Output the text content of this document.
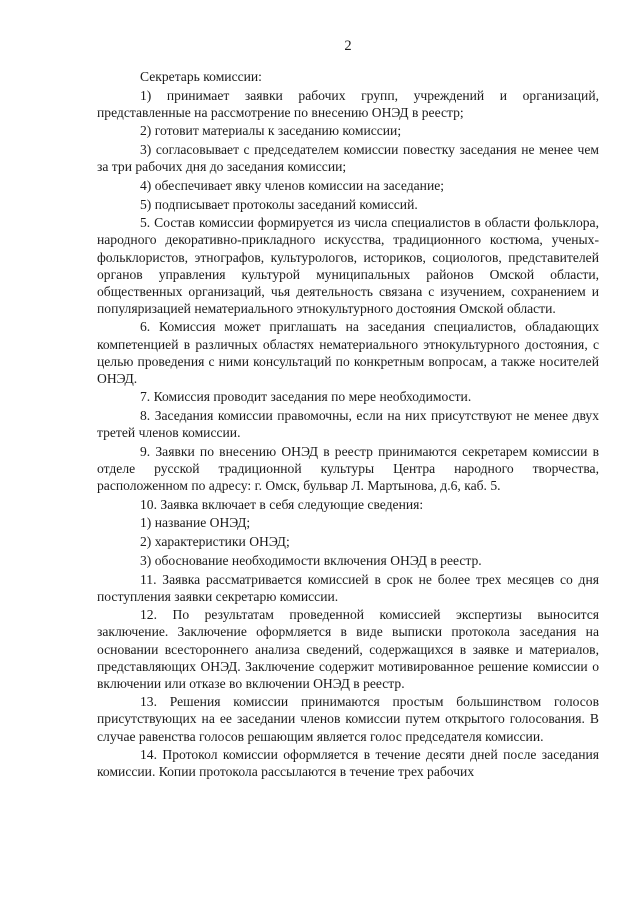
2

Секретарь комиссии:

1) принимает заявки рабочих групп, учреждений и организаций, представленные на рассмотрение по внесению ОНЭД в реестр;

2) готовит материалы к заседанию комиссии;

3) согласовывает с председателем комиссии повестку заседания не менее чем за три рабочих дня до заседания комиссии;

4) обеспечивает явку членов комиссии на заседание;

5) подписывает протоколы заседаний комиссий.

5. Состав комиссии формируется из числа специалистов в области фольклора, народного декоративно-прикладного искусства, традиционного костюма, ученых-фольклористов, этнографов, культурологов, историков, социологов, представителей органов управления культурой муниципальных районов Омской области, общественных организаций, чья деятельность связана с изучением, сохранением и популяризацией нематериального этнокультурного достояния Омской области.

6. Комиссия может приглашать на заседания специалистов, обладающих компетенцией в различных областях нематериального этнокультурного достояния, с целью проведения с ними консультаций по конкретным вопросам, а также носителей ОНЭД.

7. Комиссия проводит заседания по мере необходимости.

8. Заседания комиссии правомочны, если на них присутствуют не менее двух третей членов комиссии.

9. Заявки по внесению ОНЭД в реестр принимаются секретарем комиссии в отделе русской традиционной культуры Центра народного творчества, расположенном по адресу: г. Омск, бульвар Л. Мартынова, д.6, каб. 5.

10. Заявка включает в себя следующие сведения:

1) название ОНЭД;

2) характеристики ОНЭД;

3) обоснование необходимости включения ОНЭД в реестр.

11. Заявка рассматривается комиссией в срок не более трех месяцев со дня поступления заявки секретарю комиссии.

12. По результатам проведенной комиссией экспертизы выносится заключение. Заключение оформляется в виде выписки протокола заседания на основании всестороннего анализа сведений, содержащихся в заявке и материалов, представляющих ОНЭД. Заключение содержит мотивированное решение комиссии о включении или отказе во включении ОНЭД в реестр.

13. Решения комиссии принимаются простым большинством голосов присутствующих на ее заседании членов комиссии путем открытого голосования. В случае равенства голосов решающим является голос председателя комиссии.

14. Протокол комиссии оформляется в течение десяти дней после заседания комиссии. Копии протокола рассылаются в течение трех рабочих
